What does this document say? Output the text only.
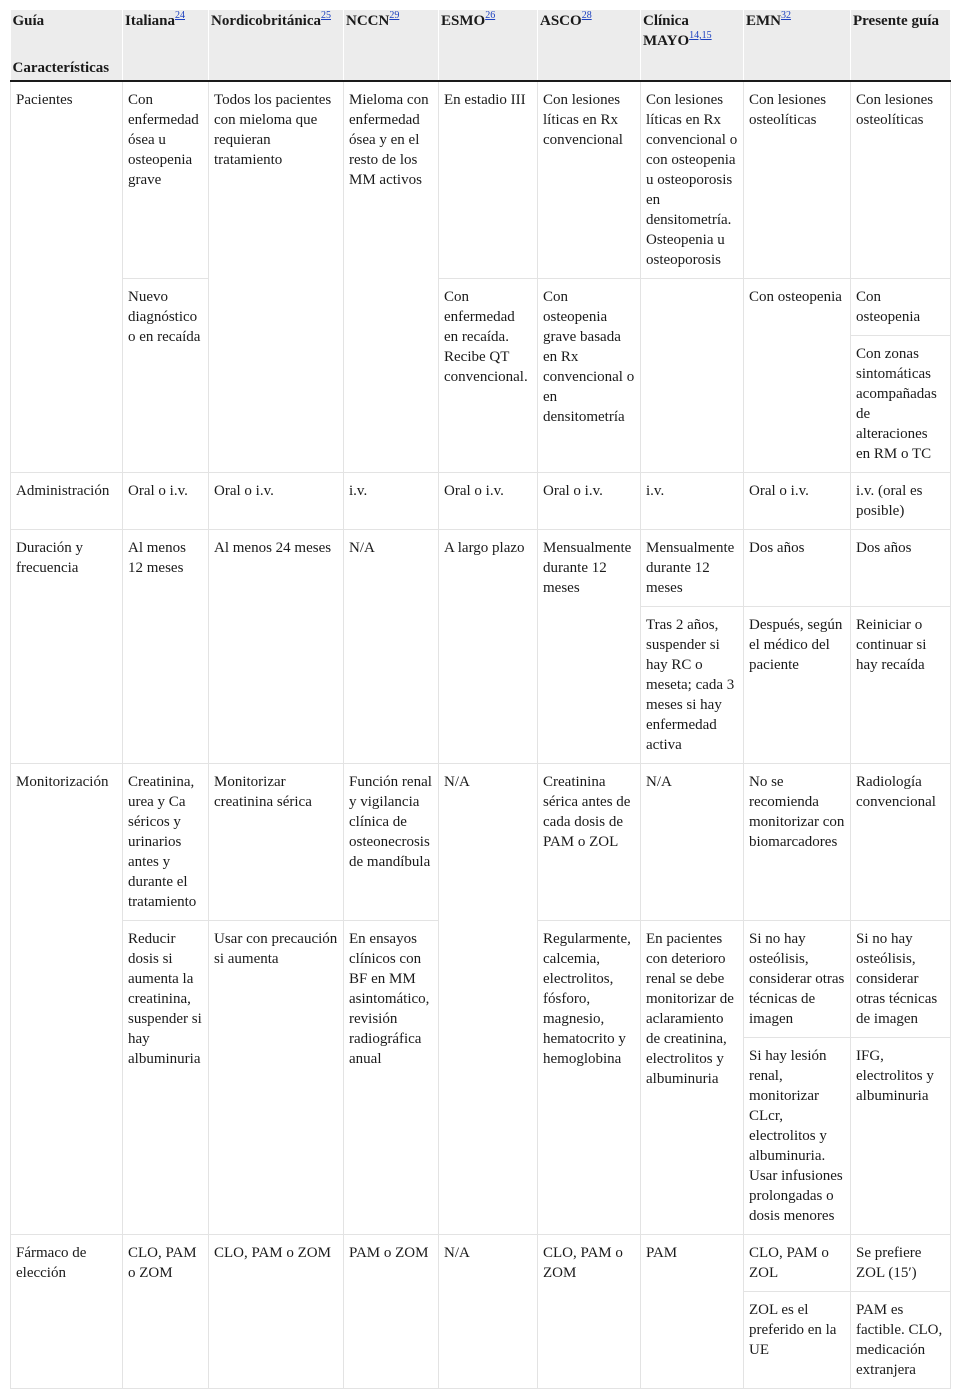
Guía
Características	Italiana$^{24}$	Nordicobritánica$^{25}$	NCCN$^{29}$	ESMO$^{26}$	ASCO$^{28}$	Clínica MAYO$^{14,15}$	EMN$^{32}$	Presente guía

Pacientes	Con enfermedad ósea u osteopenia grave	Todos los pacientes con mieloma que requieran tratamiento	Mieloma con enfermedad ósea y en el resto de los MM activos	En estadio III	Con lesiones líticas en Rx convencional	Con lesiones líticas en Rx convencional o con osteopenia u osteoporosis en densitometría. Osteopenia u osteoporosis	Con lesiones osteolíticas	Con lesiones osteolíticas
	Nuevo diagnóstico o en recaída			Con enfermedad en recaída. Recibe QT convencional.	Con osteopenia grave basada en Rx convencional o en densitometría		Con osteopenia	Con osteopenia
								Con zonas sintomáticas acompañadas de alteraciones en RM o TC
Administración	Oral o i.v.	Oral o i.v.	i.v.	Oral o i.v.	Oral o i.v.	i.v.	Oral o i.v.	i.v. (oral es posible)
Duración y frecuencia	Al menos 12 meses	Al menos 24 meses	N/A	A largo plazo	Mensualmente durante 12 meses	Mensualmente durante 12 meses	Dos años	Dos años
						Tras 2 años, suspender si hay RC o meseta; cada 3 meses si hay enfermedad activa	Después, según el médico del paciente	Reiniciar o continuar si hay recaída
Monitorización	Creatinina, urea y Ca séricos y urinarios antes y durante el tratamiento	Monitorizar creatinina sérica	Función renal y vigilancia clínica de osteonecrosis de mandíbula	N/A	Creatinina sérica antes de cada dosis de PAM o ZOL	N/A	No se recomienda monitorizar con biomarcadores	Radiología convencional
	Reducir dosis si aumenta la creatinina, suspender si hay albuminuria	Usar con precaución si aumenta	En ensayos clínicos con BF en MM asintomático, revisión radiográfica anual		Regularmente, calcemia, electrolitos, fósforo, magnesio, hematocrito y hemoglobina	En pacientes con deterioro renal se debe monitorizar de aclaramiento de creatinina, electrolitos y albuminuria	Si no hay osteólisis, considerar otras técnicas de imagen	Si no hay osteólisis, considerar otras técnicas de imagen
							Si hay lesión renal, monitorizar CLcr, electrolitos y albuminuria. Usar infusiones prolongadas o dosis menores	IFG, electrolitos y albuminuria
Fármaco de elección	CLO, PAM o ZOM	CLO, PAM o ZOM	PAM o ZOM	N/A	CLO, PAM o ZOM	PAM	CLO, PAM o ZOL	Se prefiere ZOL (15′)
							ZOL es el preferido en la UE	PAM es factible. CLO, medicación extranjera
